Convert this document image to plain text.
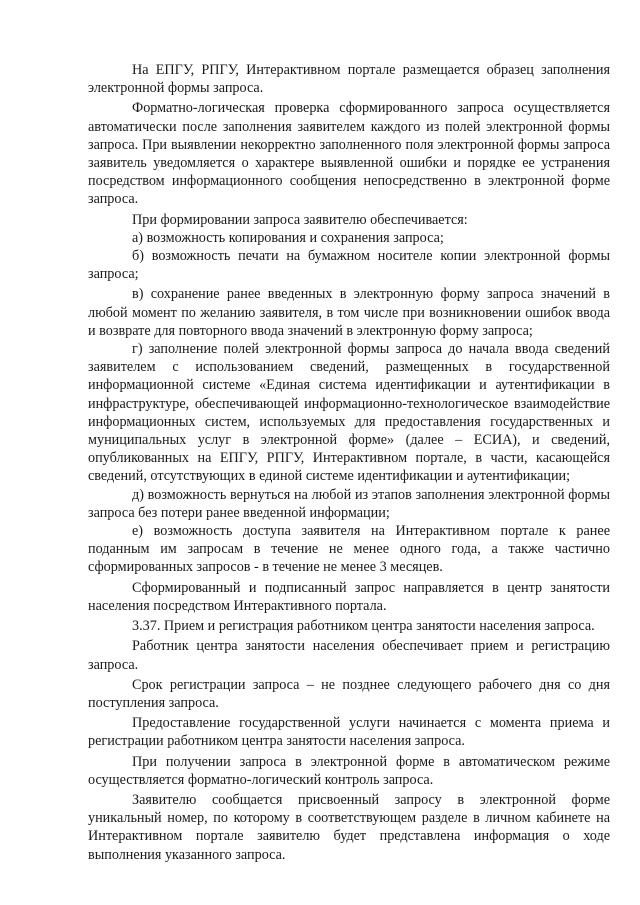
На ЕПГУ, РПГУ, Интерактивном портале размещается образец заполнения электронной формы запроса.

Форматно-логическая проверка сформированного запроса осуществляется автоматически после заполнения заявителем каждого из полей электронной формы запроса. При выявлении некорректно заполненного поля электронной формы запроса заявитель уведомляется о характере выявленной ошибки и порядке ее устранения посредством информационного сообщения непосредственно в электронной форме запроса.

При формировании запроса заявителю обеспечивается:

а) возможность копирования и сохранения запроса;

б) возможность печати на бумажном носителе копии электронной формы запроса;

в) сохранение ранее введенных в электронную форму запроса значений в любой момент по желанию заявителя, в том числе при возникновении ошибок ввода и возврате для повторного ввода значений в электронную форму запроса;

г) заполнение полей электронной формы запроса до начала ввода сведений заявителем с использованием сведений, размещенных в государственной информационной системе «Единая система идентификации и аутентификации в инфраструктуре, обеспечивающей информационно-технологическое взаимодействие информационных систем, используемых для предоставления государственных и муниципальных услуг в электронной форме» (далее – ЕСИА), и сведений, опубликованных на ЕПГУ, РПГУ, Интерактивном портале, в части, касающейся сведений, отсутствующих в единой системе идентификации и аутентификации;

д) возможность вернуться на любой из этапов заполнения электронной формы запроса без потери ранее введенной информации;

е) возможность доступа заявителя на Интерактивном портале к ранее поданным им запросам в течение не менее одного года, а также частично сформированных запросов - в течение не менее 3 месяцев.

Сформированный и подписанный запрос направляется в центр занятости населения посредством Интерактивного портала.

3.37. Прием и регистрация работником центра занятости населения запроса.

Работник центра занятости населения обеспечивает прием и регистрацию запроса.

Срок регистрации запроса – не позднее следующего рабочего дня со дня поступления запроса.

Предоставление государственной услуги начинается с момента приема и регистрации работником центра занятости населения запроса.

При получении запроса в электронной форме в автоматическом режиме осуществляется форматно-логический контроль запроса.

Заявителю сообщается присвоенный запросу в электронной форме уникальный номер, по которому в соответствующем разделе в личном кабинете на Интерактивном портале заявителю будет представлена информация о ходе выполнения указанного запроса.
